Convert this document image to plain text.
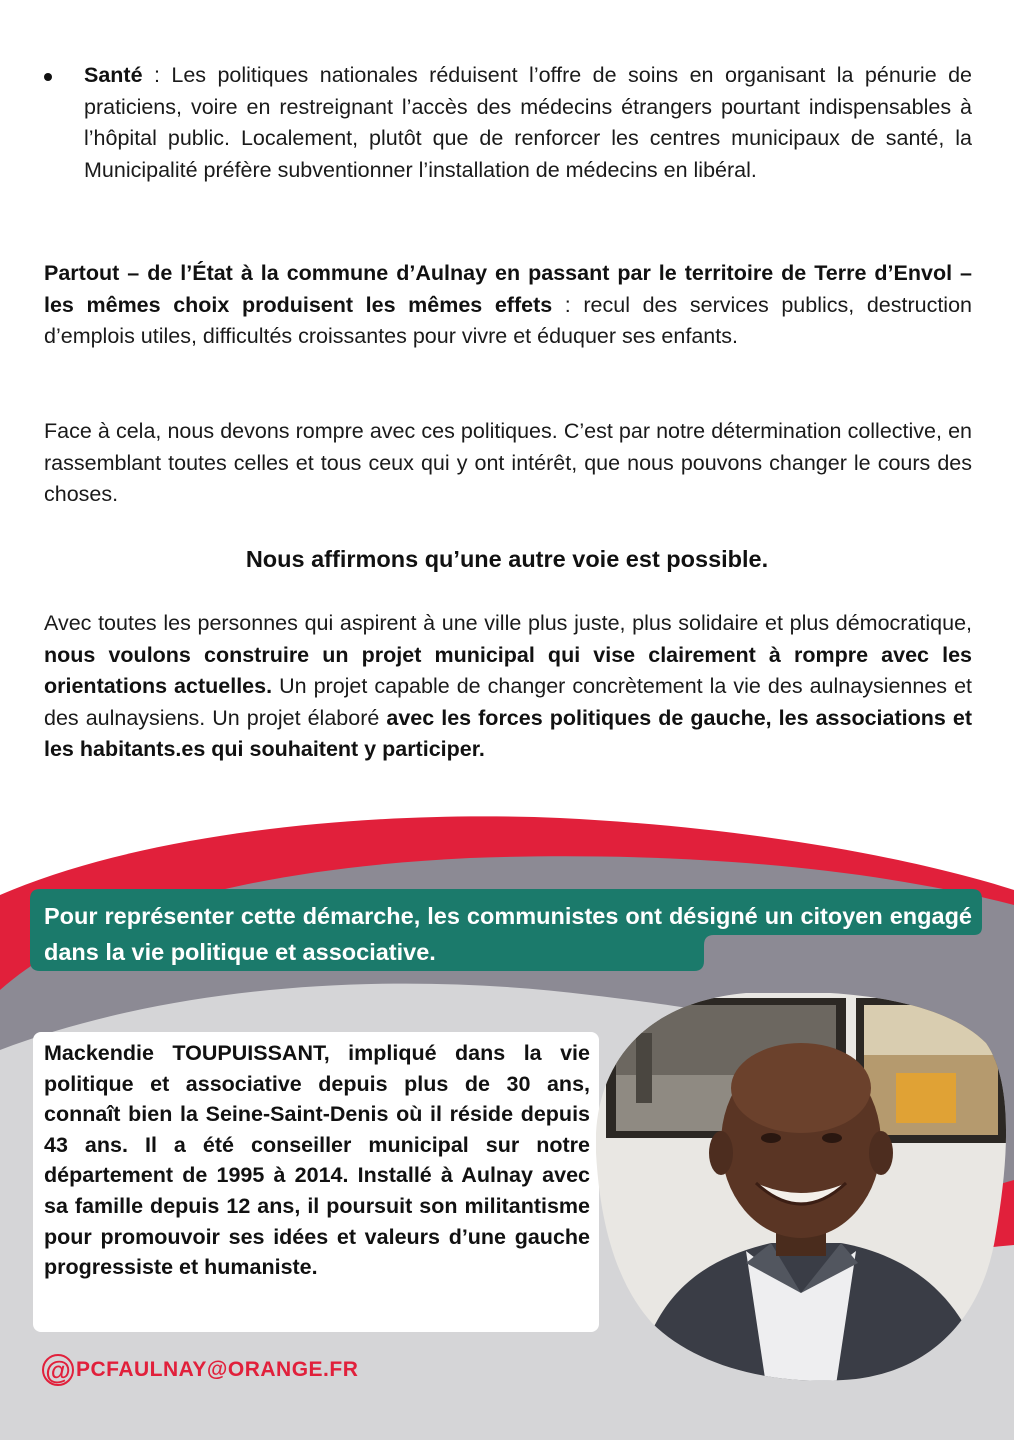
Santé : Les politiques nationales réduisent l’offre de soins en organisant la pénurie de praticiens, voire en restreignant l’accès des médecins étrangers pourtant indispensables à l’hôpital public. Localement, plutôt que de renforcer les centres municipaux de santé, la Municipalité préfère subventionner l’installation de médecins en libéral.

Partout – de l’État à la commune d’Aulnay en passant par le territoire de Terre d’Envol – les mêmes choix produisent les mêmes effets : recul des services publics, destruction d’emplois utiles, difficultés croissantes pour vivre et éduquer ses enfants.

Face à cela, nous devons rompre avec ces politiques. C’est par notre détermination collective, en rassemblant toutes celles et tous ceux qui y ont intérêt, que nous pouvons changer le cours des choses.

Nous affirmons qu’une autre voie est possible.

Avec toutes les personnes qui aspirent à une ville plus juste, plus solidaire et plus démocratique, nous voulons construire un projet municipal qui vise clairement à rompre avec les orientations actuelles. Un projet capable de changer concrètement la vie des aulnaysiennes et des aulnaysiens. Un projet élaboré avec les forces politiques de gauche, les associations et les habitants.es qui souhaitent y participer.

Pour représenter cette démarche, les communistes ont désigné un citoyen engagé dans la vie politique et associative.

Mackendie TOUPUISSANT, impliqué dans la vie politique et associative depuis plus de 30 ans, connaît bien la Seine-Saint-Denis où il réside depuis 43 ans. Il a été conseiller municipal sur notre département de 1995 à 2014. Installé à Aulnay avec sa famille depuis 12 ans, il poursuit son militantisme pour promouvoir ses idées et valeurs d’une gauche progressiste et humaniste.

@ PCFAULNAY@ORANGE.FR
